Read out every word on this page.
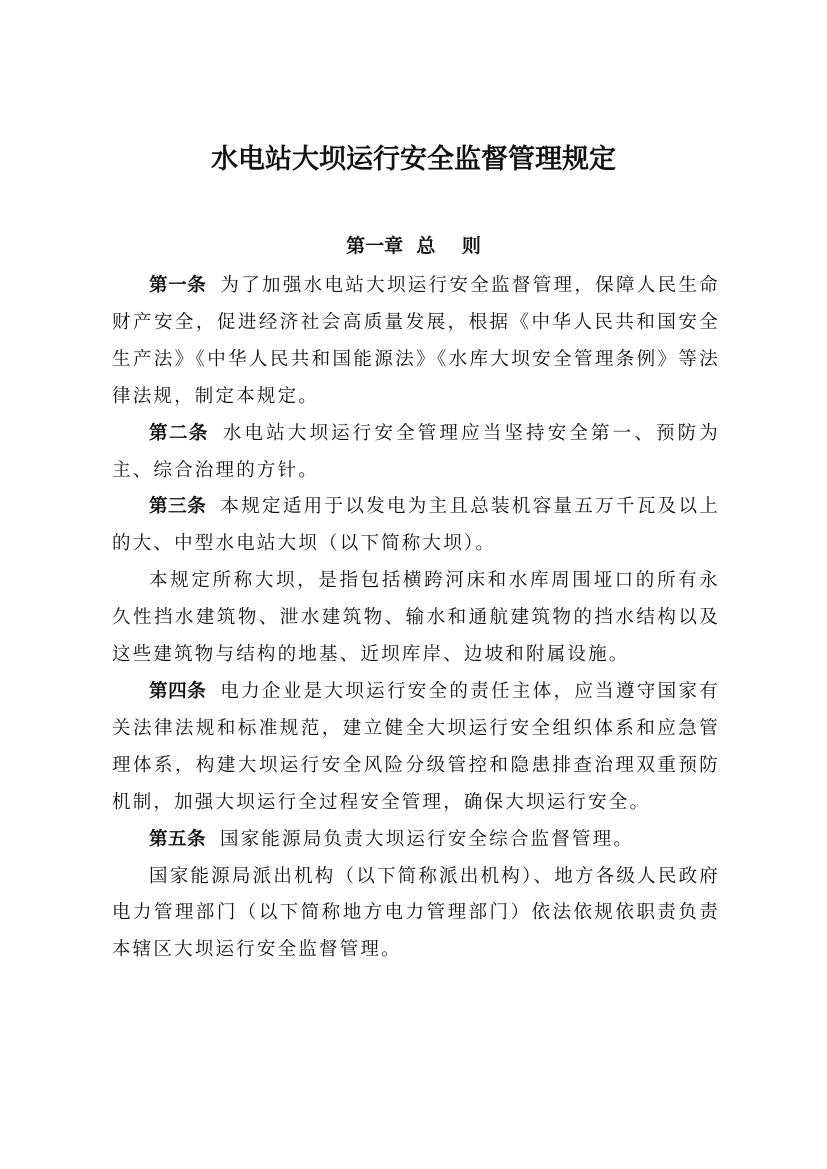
水电站大坝运行安全监督管理规定
第一章  总    则

第一条 为了加强水电站大坝运行安全监督管理，保障人民生命财产安全，促进经济社会高质量发展，根据《中华人民共和国安全生产法》《中华人民共和国能源法》《水库大坝安全管理条例》等法律法规，制定本规定。

第二条 水电站大坝运行安全管理应当坚持安全第一、预防为主、综合治理的方针。

第三条 本规定适用于以发电为主且总装机容量五万千瓦及以上的大、中型水电站大坝（以下简称大坝）。

本规定所称大坝，是指包括横跨河床和水库周围垭口的所有永久性挡水建筑物、泄水建筑物、输水和通航建筑物的挡水结构以及这些建筑物与结构的地基、近坝库岸、边坡和附属设施。

第四条 电力企业是大坝运行安全的责任主体，应当遵守国家有关法律法规和标准规范，建立健全大坝运行安全组织体系和应急管理体系，构建大坝运行安全风险分级管控和隐患排查治理双重预防机制，加强大坝运行全过程安全管理，确保大坝运行安全。

第五条 国家能源局负责大坝运行安全综合监督管理。

国家能源局派出机构（以下简称派出机构）、地方各级人民政府电力管理部门（以下简称地方电力管理部门）依法依规依职责负责本辖区大坝运行安全监督管理。
